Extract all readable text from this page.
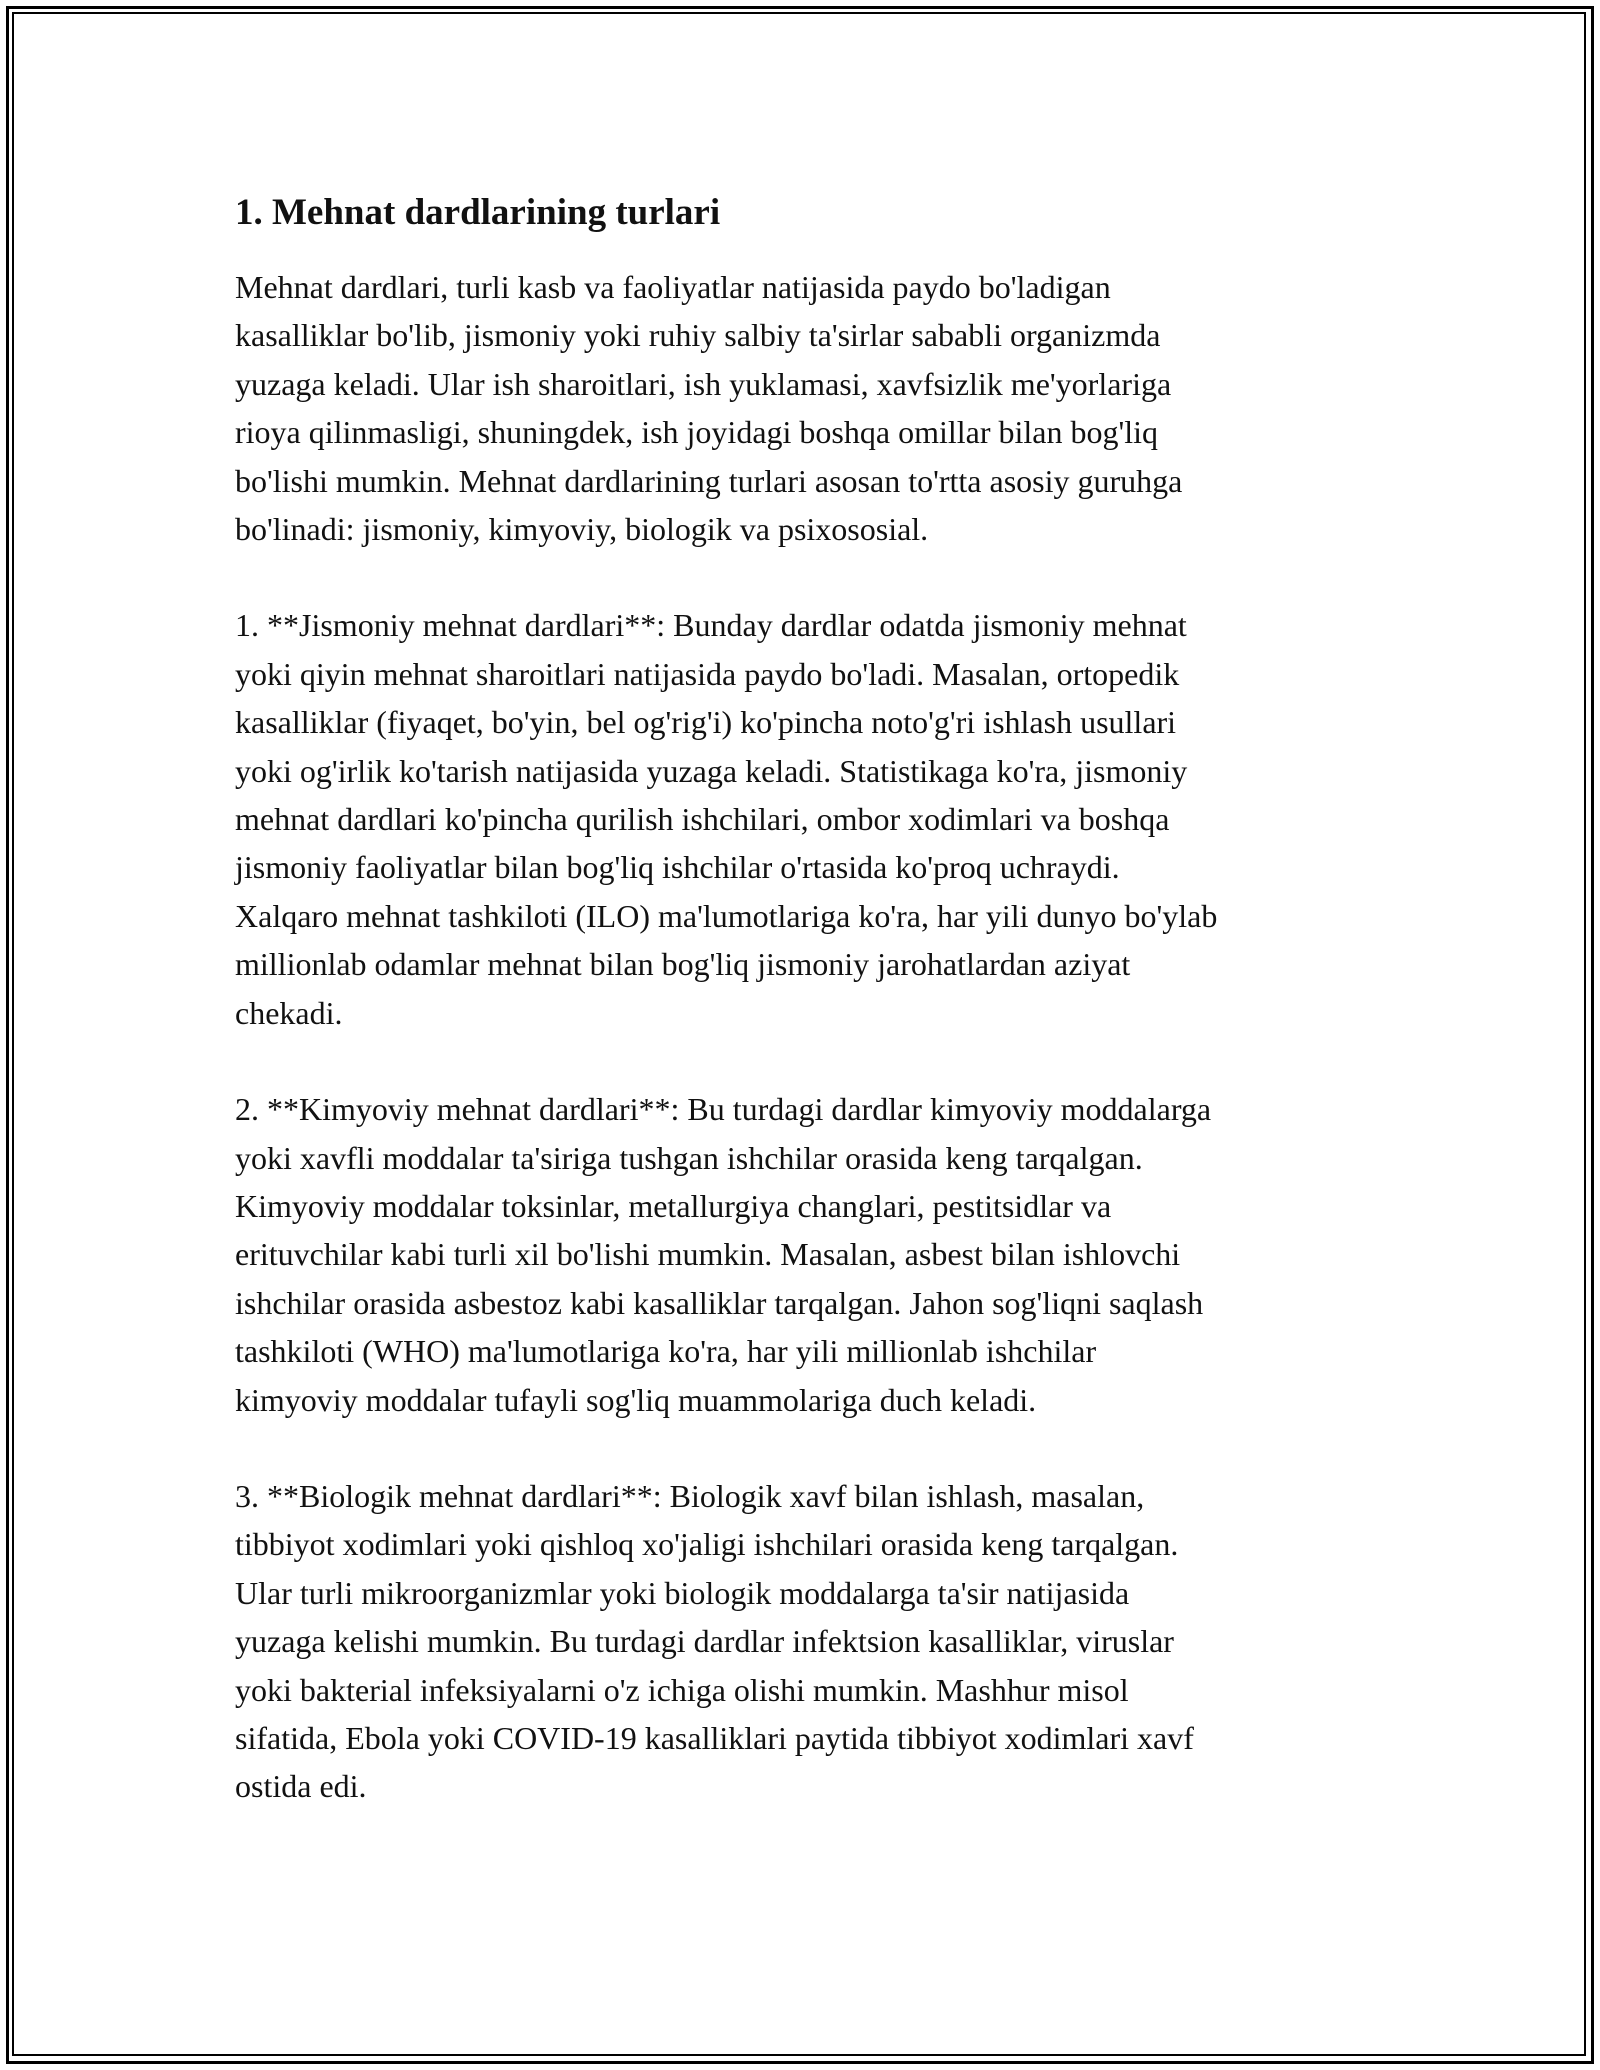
1. Mehnat dardlarining turlari

Mehnat dardlari, turli kasb va faoliyatlar natijasida paydo bo'ladigan
kasalliklar bo'lib, jismoniy yoki ruhiy salbiy ta'sirlar sababli organizmda
yuzaga keladi. Ular ish sharoitlari, ish yuklamasi, xavfsizlik me'yorlariga
rioya qilinmasligi, shuningdek, ish joyidagi boshqa omillar bilan bog'liq
bo'lishi mumkin. Mehnat dardlarining turlari asosan to'rtta asosiy guruhga
bo'linadi: jismoniy, kimyoviy, biologik va psixososial.

1. **Jismoniy mehnat dardlari**: Bunday dardlar odatda jismoniy mehnat
yoki qiyin mehnat sharoitlari natijasida paydo bo'ladi. Masalan, ortopedik
kasalliklar (fiyaqet, bo'yin, bel og'rig'i) ko'pincha noto'g'ri ishlash usullari
yoki og'irlik ko'tarish natijasida yuzaga keladi. Statistikaga ko'ra, jismoniy
mehnat dardlari ko'pincha qurilish ishchilari, ombor xodimlari va boshqa
jismoniy faoliyatlar bilan bog'liq ishchilar o'rtasida ko'proq uchraydi.
Xalqaro mehnat tashkiloti (ILO) ma'lumotlariga ko'ra, har yili dunyo bo'ylab
millionlab odamlar mehnat bilan bog'liq jismoniy jarohatlardan aziyat
chekadi.

2. **Kimyoviy mehnat dardlari**: Bu turdagi dardlar kimyoviy moddalarga
yoki xavfli moddalar ta'siriga tushgan ishchilar orasida keng tarqalgan.
Kimyoviy moddalar toksinlar, metallurgiya changlari, pestitsidlar va
erituvchilar kabi turli xil bo'lishi mumkin. Masalan, asbest bilan ishlovchi
ishchilar orasida asbestoz kabi kasalliklar tarqalgan. Jahon sog'liqni saqlash
tashkiloti (WHO) ma'lumotlariga ko'ra, har yili millionlab ishchilar
kimyoviy moddalar tufayli sog'liq muammolariga duch keladi.

3. **Biologik mehnat dardlari**: Biologik xavf bilan ishlash, masalan,
tibbiyot xodimlari yoki qishloq xo'jaligi ishchilari orasida keng tarqalgan.
Ular turli mikroorganizmlar yoki biologik moddalarga ta'sir natijasida
yuzaga kelishi mumkin. Bu turdagi dardlar infektsion kasalliklar, viruslar
yoki bakterial infeksiyalarni o'z ichiga olishi mumkin. Mashhur misol
sifatida, Ebola yoki COVID-19 kasalliklari paytida tibbiyot xodimlari xavf
ostida edi.
